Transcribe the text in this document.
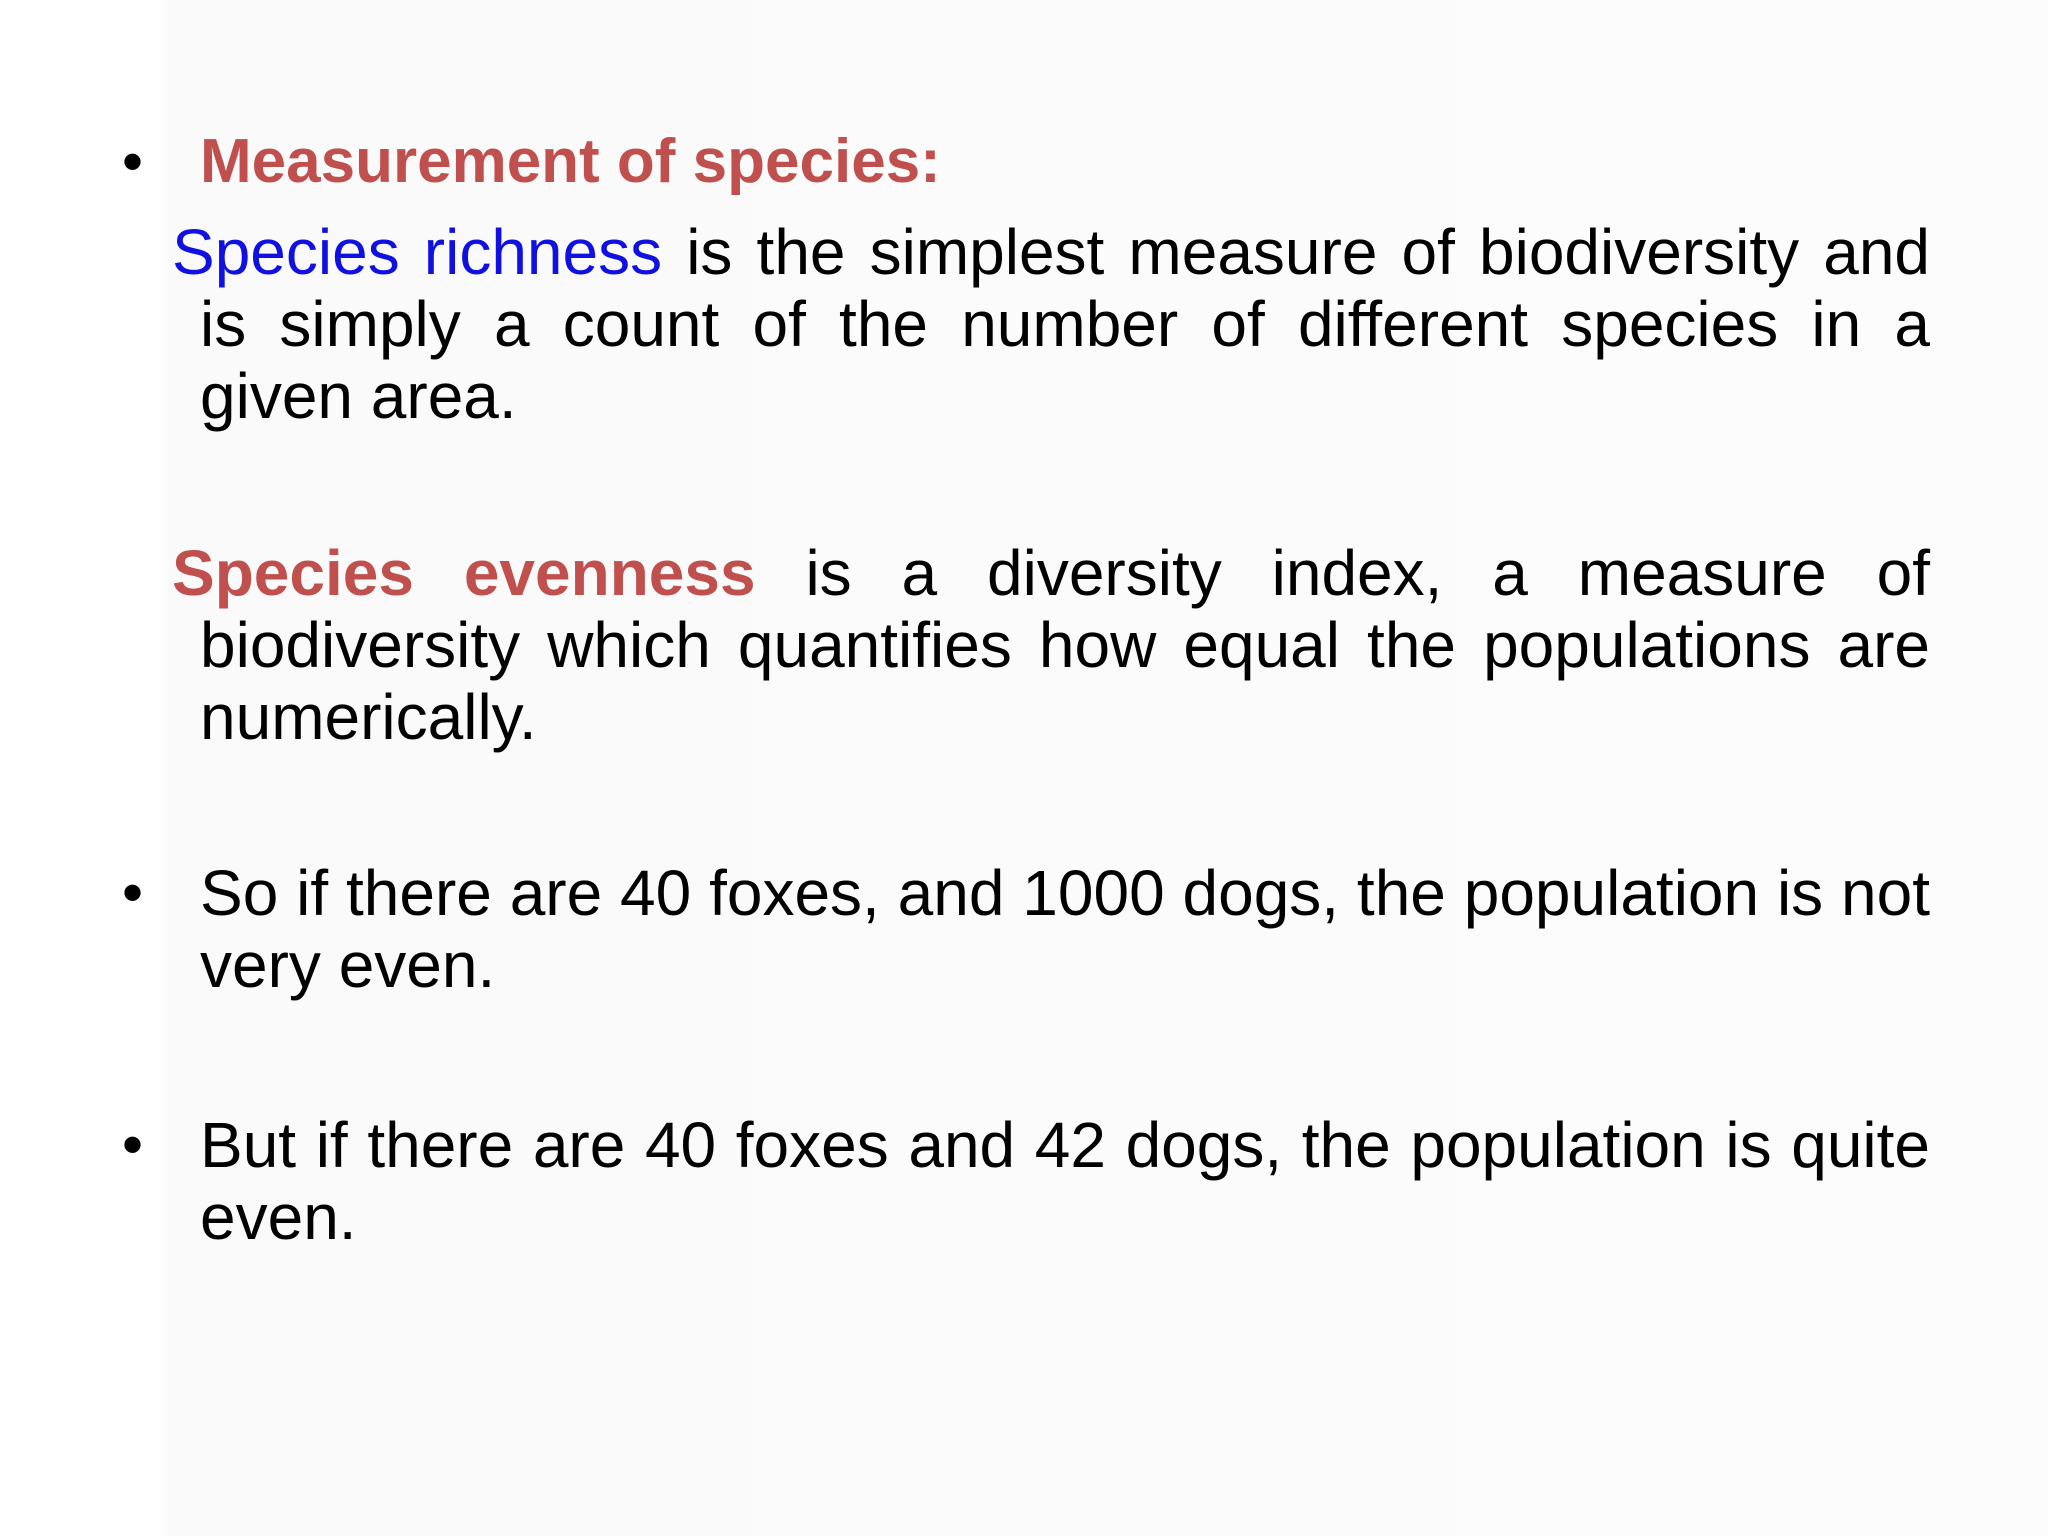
• Measurement of species:
Species richness is the simplest measure of biodiversity and is simply a count of the number of different species in a given area.
Species evenness is a diversity index, a measure of biodiversity which quantifies how equal the populations are numerically.
• So if there are 40 foxes, and 1000 dogs, the population is not very even.
• But if there are 40 foxes and 42 dogs, the population is quite even.
